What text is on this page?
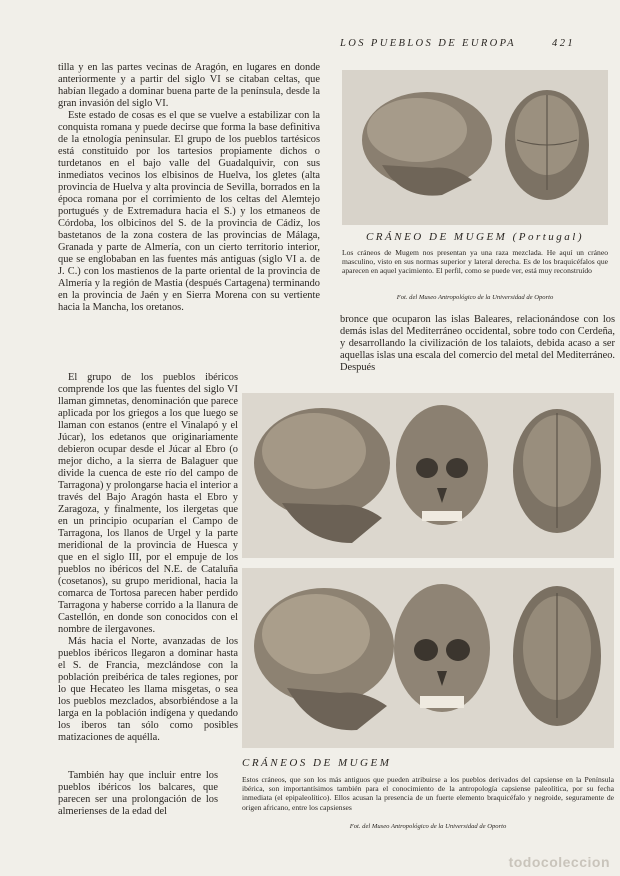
LOS PUEBLOS DE EUROPA	421

tilla y en las partes vecinas de Aragón, en lugares en donde anteriormente y a partir del siglo VI se citaban celtas, que habían llegado a dominar buena parte de la península, desde la gran invasión del siglo VI.

Este estado de cosas es el que se vuelve a estabilizar con la conquista romana y puede decirse que forma la base definitiva de la etnología peninsular. El grupo de los pueblos tartésicos está constituido por los tartesios propiamente dichos o turdetanos en el bajo valle del Guadalquivir, con sus inmediatos vecinos los elbisinos de Huelva, los gletes (alta provincia de Huelva y alta provincia de Sevilla, borrados en la época romana por el corrimiento de los celtas del Alemtejo portugués y de Extremadura hacia el S.) y los etmaneos de Córdoba, los olbicinos del S. de la provincia de Cádiz, los bastetanos de la zona costera de las provincias de Málaga, Granada y parte de Almería, con un cierto territorio interior, que se englobaban en las fuentes más antiguas (siglo VI a. de J. C.) con los mastienos de la parte oriental de la provincia de Almería y la región de Mastia (después Cartagena) terminando en la provincia de Jaén y en Sierra Morena con su vertiente hacia la Mancha, los oretanos.

CRÁNEO DE MUGEM (Portugal)
Los cráneos de Mugem nos presentan ya una raza mezclada. He aquí un cráneo masculino, visto en sus normas superior y lateral derecha. Es de los braquicéfalos que aparecen en aquel yacimiento. El perfil, como se puede ver, está muy reconstruído
Fot. del Museo Antropológico de la Universidad de Oporto

bronce que ocuparon las islas Baleares, relacionándose con los demás islas del Mediterráneo occidental, sobre todo con Cerdeña, y desarrollando la civilización de los talaiots, debida acaso a ser aquellas islas una escala del comercio del metal del Mediterráneo. Después

El grupo de los pueblos ibéricos comprende los que las fuentes del siglo VI llaman gimnetas, denominación que parece aplicada por los griegos a los que luego se llaman con estanos (entre el Vinalapó y el Júcar), los edetanos que originariamente debieron ocupar desde el Júcar al Ebro (o mejor dicho, a la sierra de Balaguer que divide la cuenca de este río del campo de Tarragona) y prolongarse hacia el interior a través del Bajo Aragón hasta el Ebro y Zaragoza, y finalmente, los ilergetas que en un principio ocuparían el Campo de Tarragona, los llanos de Urgel y la parte meridional de la provincia de Huesca y que en el siglo III, por el empuje de los pueblos no ibéricos del N.E. de Cataluña (cosetanos), su grupo meridional, hacia la comarca de Tortosa parecen haber perdido Tarragona y haberse corrido a la llanura de Castellón, en donde son conocidos con el nombre de ilergavones.

Más hacia el Norte, avanzadas de los pueblos ibéricos llegaron a dominar hasta el S. de Francia, mezclándose con la población preibérica de tales regiones, por lo que Hecateo les llama misgetas, o sea los pueblos mezclados, absorbiéndose a la larga en la población indígena y quedando los iberos tan sólo como posibles matizaciones de aquélla.

CRÁNEOS DE MUGEM
Estos cráneos, que son los más antiguos que pueden atribuirse a los pueblos derivados del capsiense en la Península ibérica, son importantísimos también para el conocimiento de la antropología capsiense paleolítica, por su fecha inmediata (el epipaleolítico). Ellos acusan la presencia de un fuerte elemento braquicéfalo y negroide, seguramente de origen africano, entre los capsienses
Fot. del Museo Antropológico de la Universidad de Oporto

También hay que incluir entre los pueblos ibéricos los balcares, que parecen ser una prolongación de los almerienses de la edad del

todocoleccion
